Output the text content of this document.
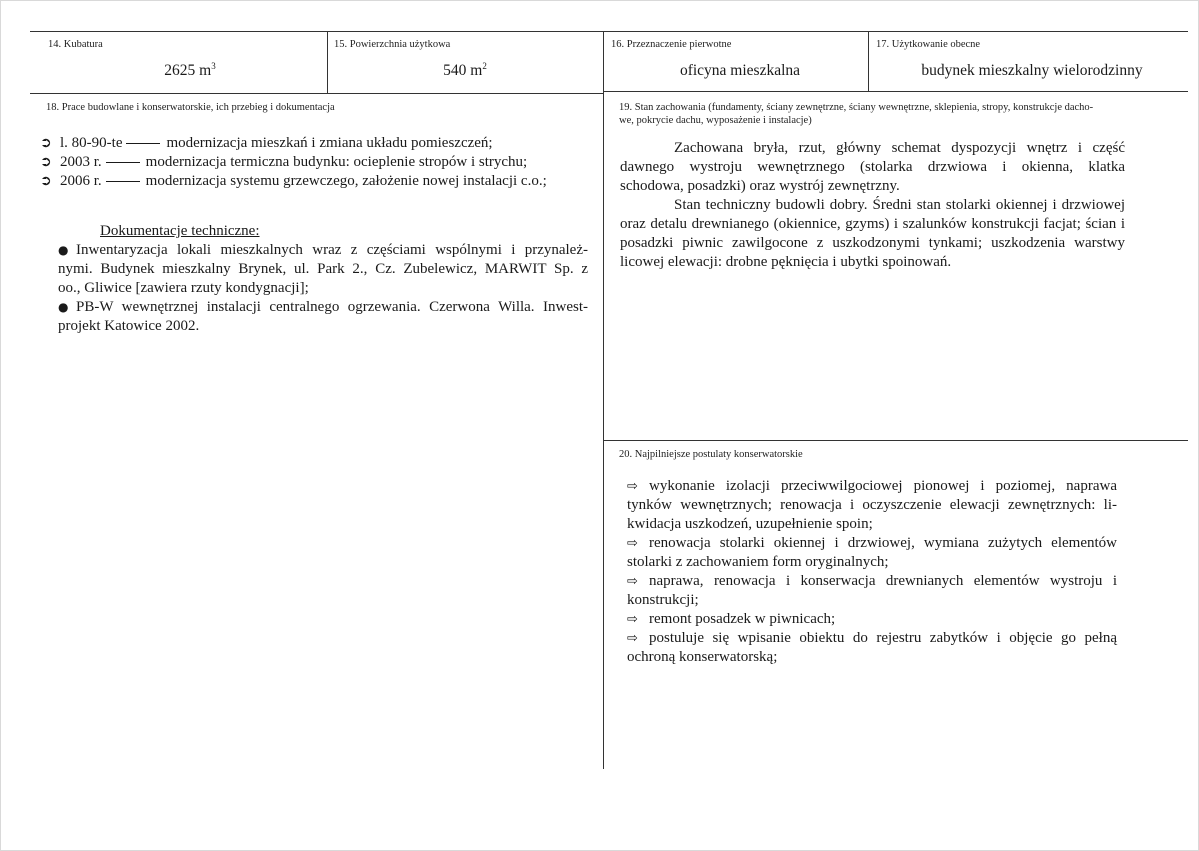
14. Kubatura
2625 $m^3$
15. Powierzchnia użytkowa
540 $m^2$
16. Przeznaczenie pierwotne
oficyna mieszkalna
17. Użytkowanie obecne
budynek mieszkalny wielorodzinny
18. Prace budowlane i konserwatorskie, ich przebieg i dokumentacja
➲ l. 80-90-te	modernizacja mieszkań i zmiana układu pomieszczeń;
➲ 2003 r.	modernizacja termiczna budynku: ocieplenie stropów i strychu;
➲ 2006 r.	modernizacja systemu grzewczego, założenie nowej instalacji c.o.;
Dokumentacje techniczne:
● Inwentaryzacja lokali mieszkalnych wraz z częściami wspólnymi i przynależ-
nymi. Budynek mieszkalny Brynek, ul. Park 2., Cz. Zubelewicz, MARWIT Sp. z
oo., Gliwice [zawiera rzuty kondygnacji];
● PB-W wewnętrznej instalacji centralnego ogrzewania. Czerwona Willa. Inwest-
projekt Katowice 2002.
19. Stan zachowania (fundamenty, ściany zewnętrzne, ściany wewnętrzne, sklepienia, stropy, konstrukcje dacho-
we, pokrycie dachu, wyposażenie i instalacje)
Zachowana bryła, rzut, główny schemat dyspozycji wnętrz i część
dawnego wystroju wewnętrznego (stolarka drzwiowa i okienna, klatka
schodowa, posadzki) oraz wystrój zewnętrzny.
Stan techniczny budowli dobry. Średni stan stolarki okiennej i drzwiowej
oraz detalu drewnianego (okiennice, gzyms) i szalunków konstrukcji facjat; ścian i
posadzki piwnic zawilgocone z uszkodzonymi tynkami; uszkodzenia warstwy
licowej elewacji: drobne pęknięcia i ubytki spoinowań.
20. Najpilniejsze postulaty konserwatorskie
⇨ wykonanie izolacji przeciwwilgociowej pionowej i poziomej, naprawa
tynków wewnętrznych; renowacja i oczyszczenie elewacji zewnętrznych: li-
kwidacja uszkodzeń, uzupełnienie spoin;
⇨ renowacja stolarki okiennej i drzwiowej, wymiana zużytych elementów
stolarki z zachowaniem form oryginalnych;
⇨ naprawa, renowacja i konserwacja drewnianych elementów wystroju i
konstrukcji;
⇨ remont posadzek w piwnicach;
⇨ postuluje się wpisanie obiektu do rejestru zabytków i objęcie go pełną
ochroną konserwatorską;
